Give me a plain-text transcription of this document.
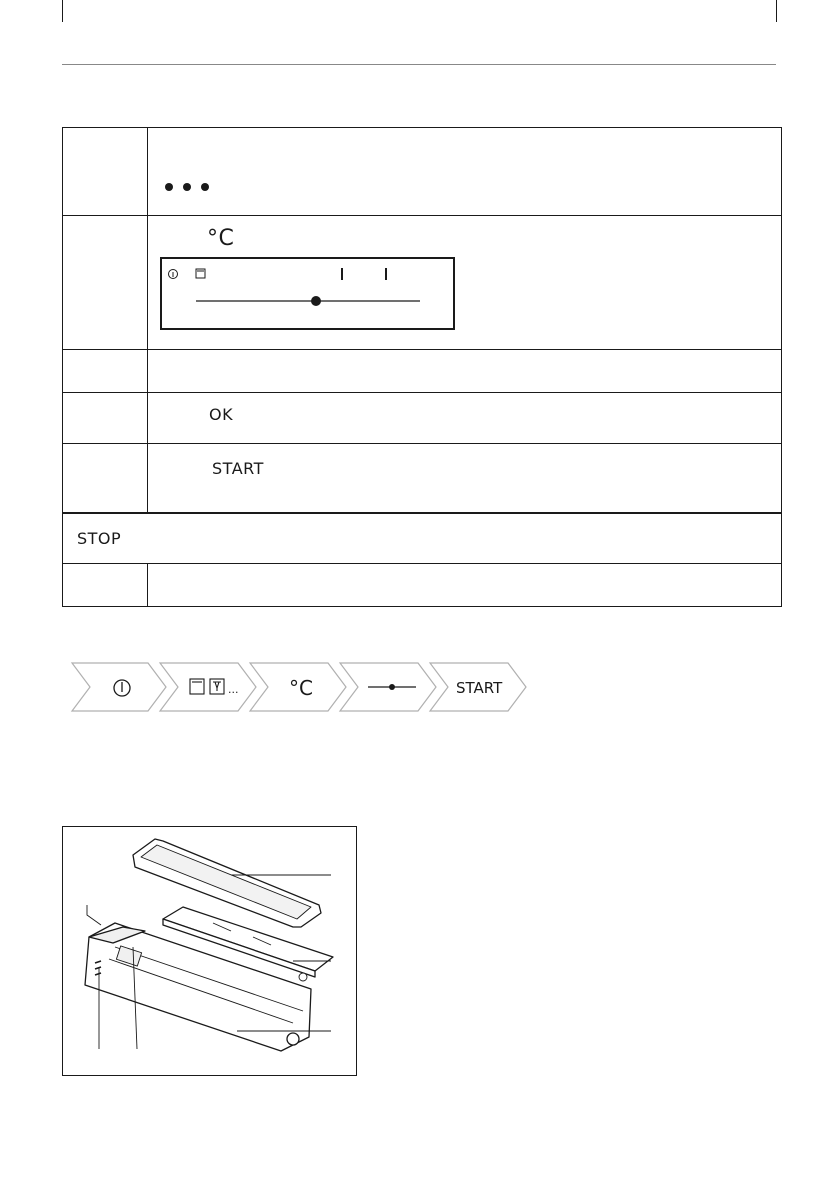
°C
OK
START
STOP
...	°C	START
